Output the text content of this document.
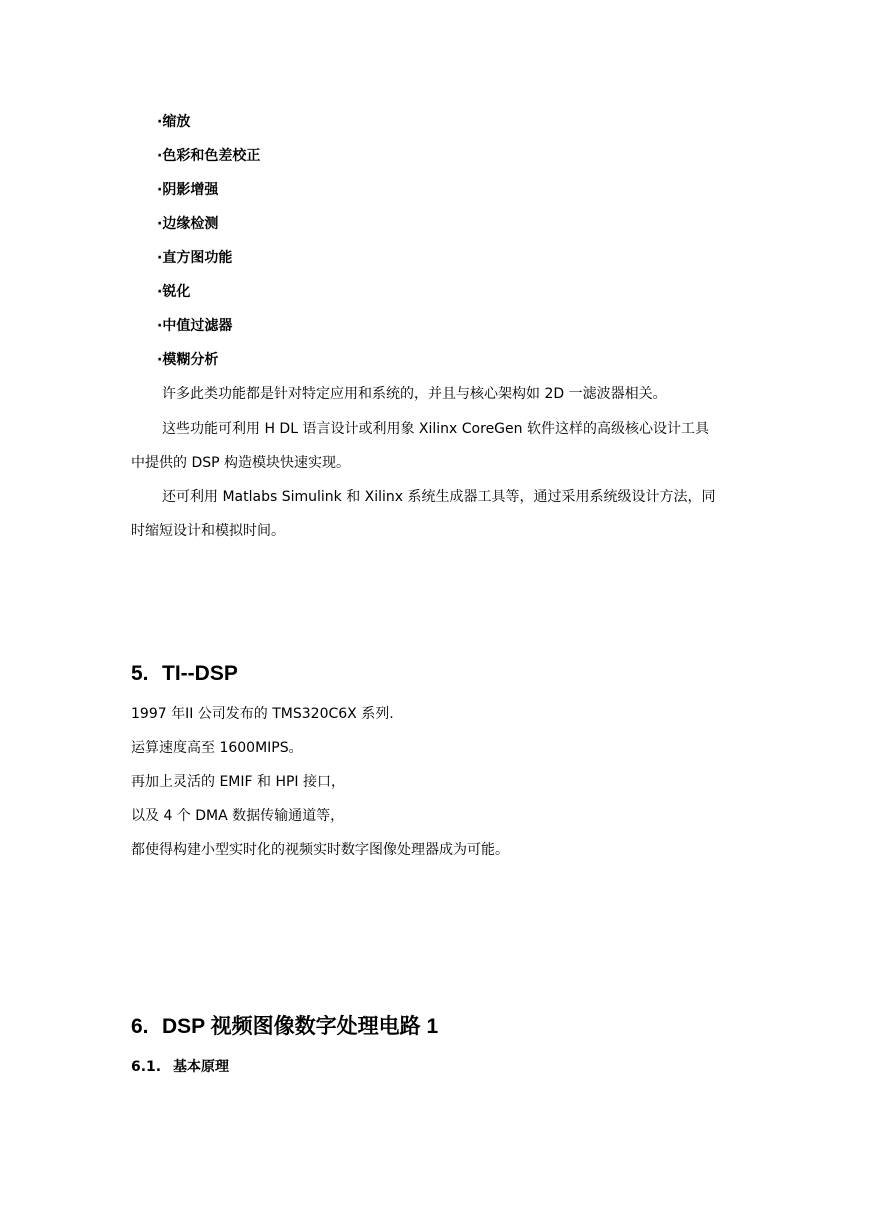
·缩放
·色彩和色差校正
·阴影增强
·边缘检测
·直方图功能
·锐化
·中值过滤器
·模糊分析
许多此类功能都是针对特定应用和系统的，并且与核心架构如 2D 一滤波器相关。
这些功能可利用 H DL 语言设计或利用象 Xilinx CoreGen 软件这样的高级核心设计工具
中提供的 DSP 构造模块快速实现。
还可利用 Matlabs Simulink 和 Xilinx 系统生成器工具等，通过采用系统级设计方法，同
时缩短设计和模拟时间。
5. TI--DSP
1997 年II 公司发布的 TMS320C6X 系列.
运算速度高至 1600MIPS。
再加上灵活的 EMIF 和 HPI 接口，
以及 4 个 DMA 数据传输通道等，
都使得构建小型实时化的视频实时数字图像处理器成为可能。
6. DSP 视频图像数字处理电路 1
6.1. 基本原理
